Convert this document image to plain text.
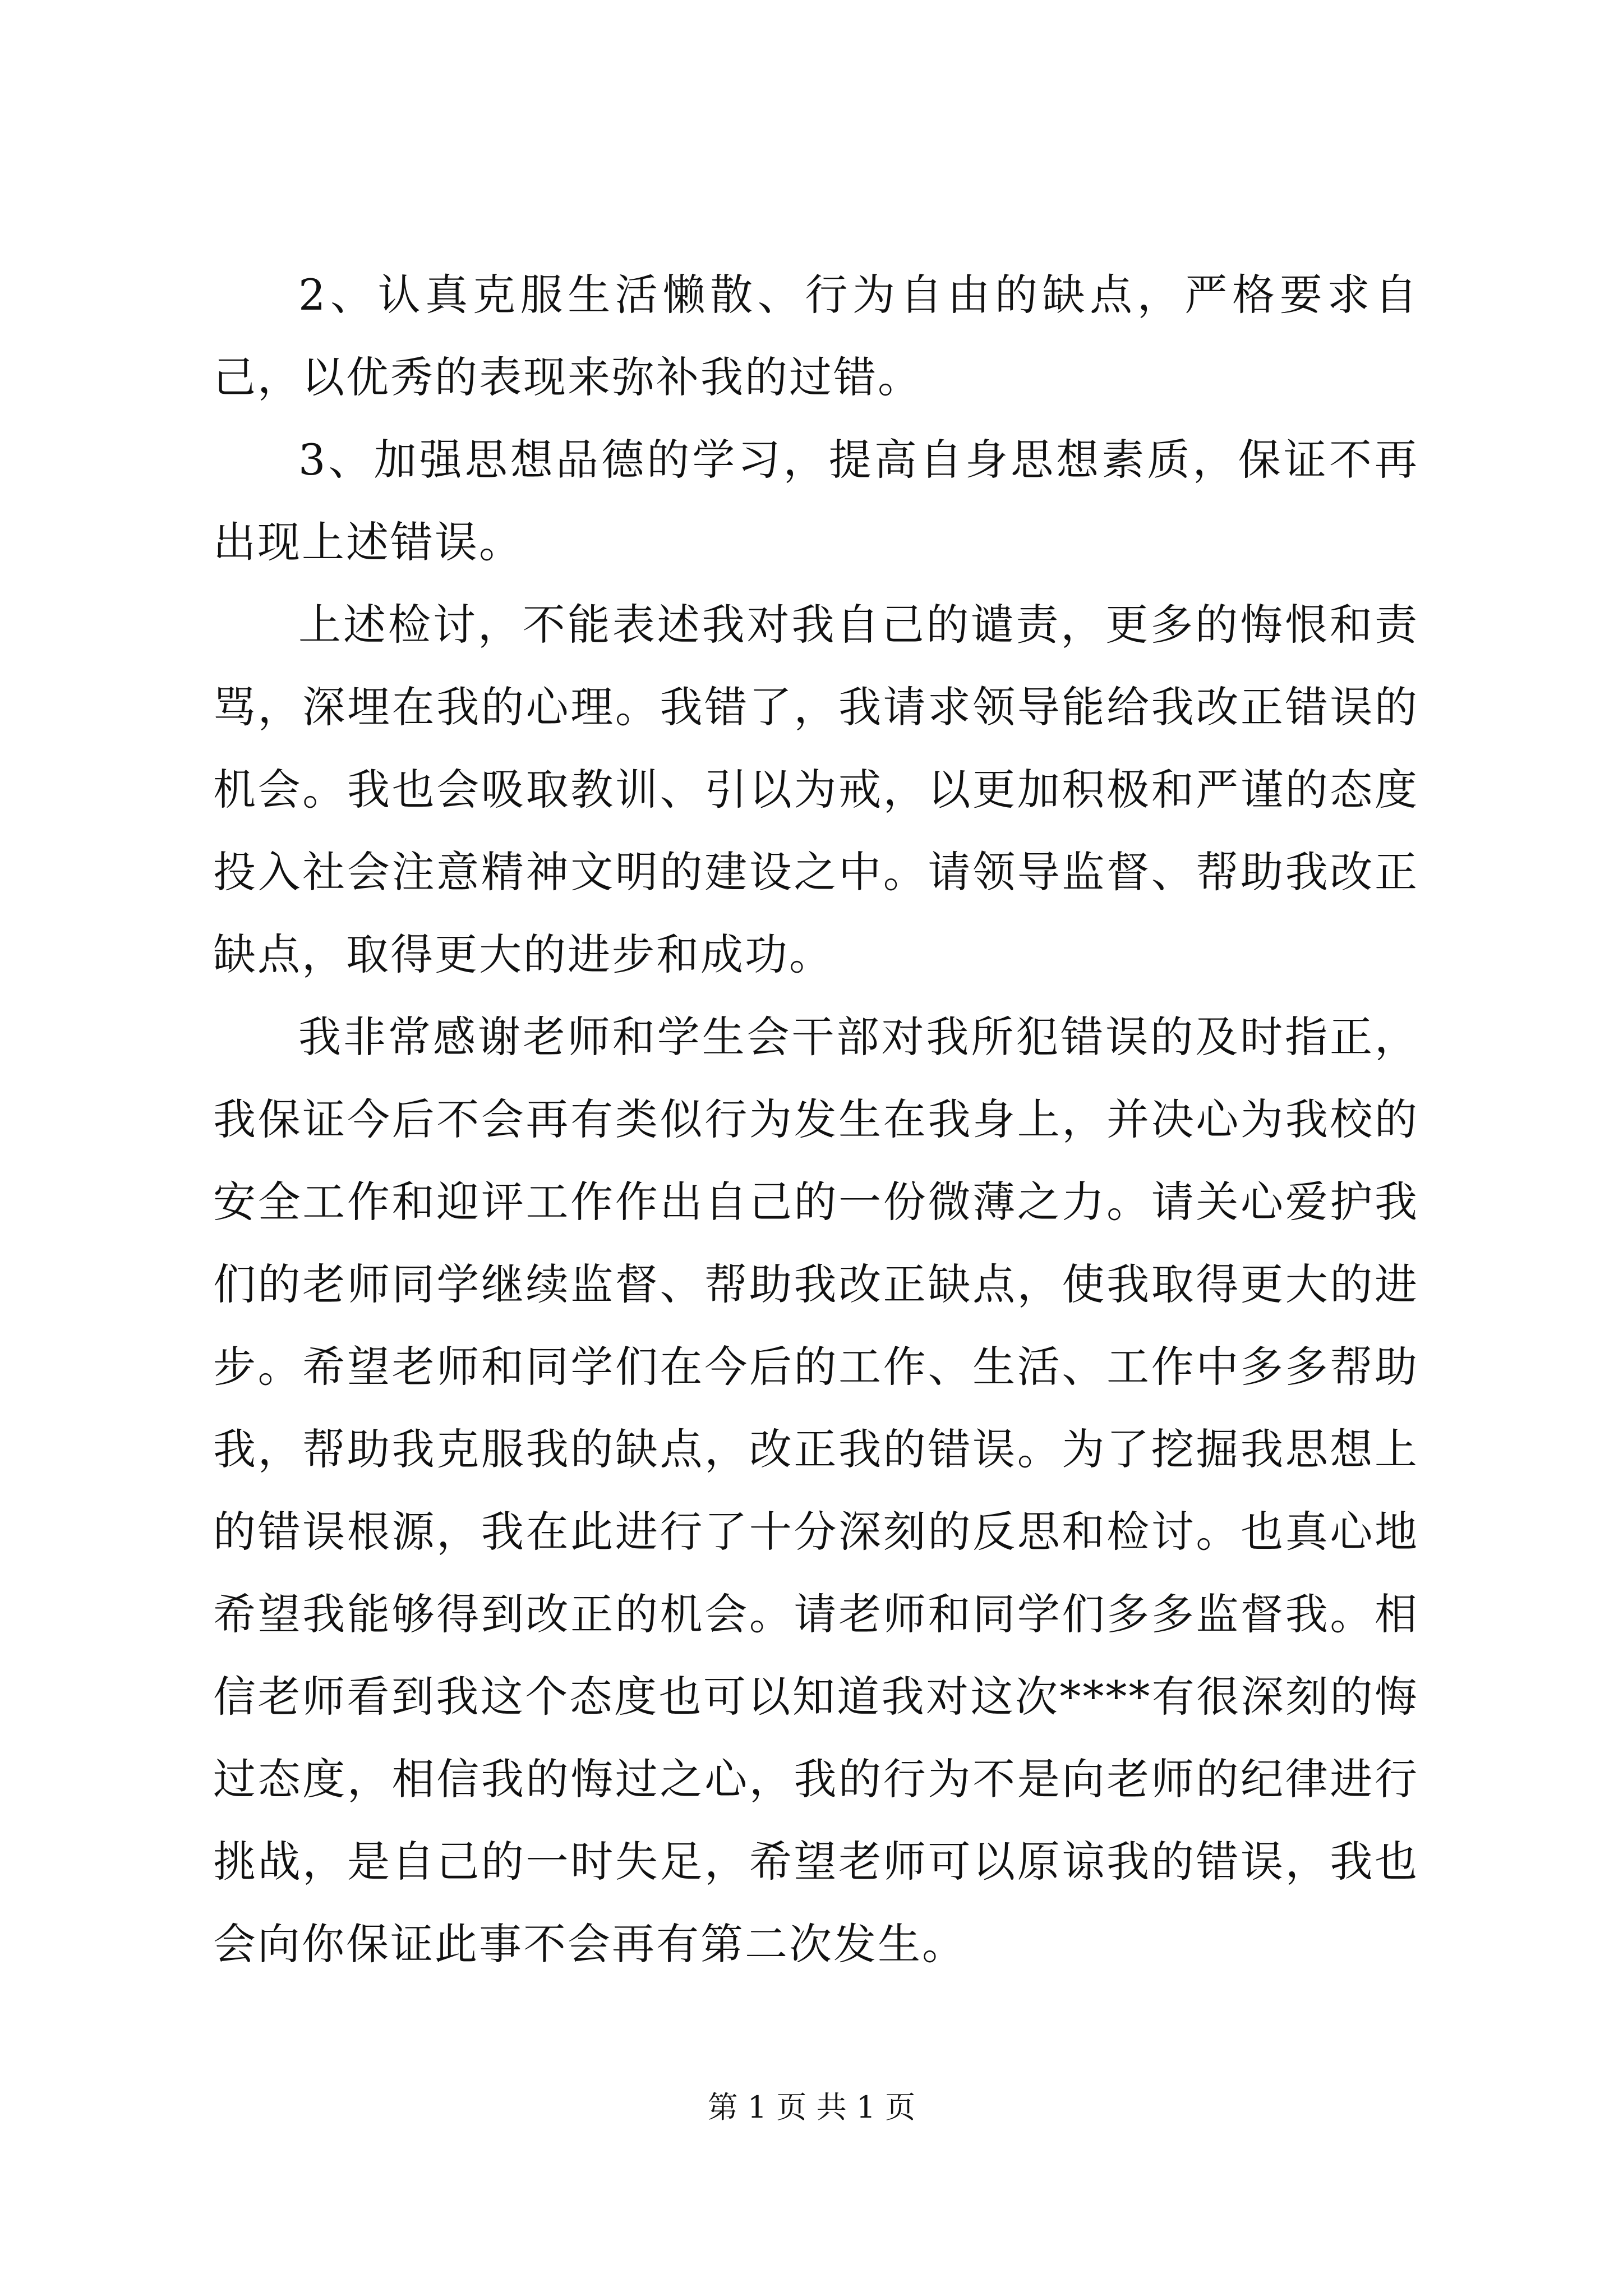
2、认真克服生活懒散、行为自由的缺点，严格要求自己，以优秀的表现来弥补我的过错。

3、加强思想品德的学习，提高自身思想素质，保证不再出现上述错误。

上述检讨，不能表述我对我自己的谴责，更多的悔恨和责骂，深埋在我的心理。我错了，我请求领导能给我改正错误的机会。我也会吸取教训、引以为戒，以更加积极和严谨的态度投入社会注意精神文明的建设之中。请领导监督、帮助我改正缺点，取得更大的进步和成功。

我非常感谢老师和学生会干部对我所犯错误的及时指正，我保证今后不会再有类似行为发生在我身上，并决心为我校的安全工作和迎评工作作出自己的一份微薄之力。请关心爱护我们的老师同学继续监督、帮助我改正缺点，使我取得更大的进步。希望老师和同学们在今后的工作、生活、工作中多多帮助我，帮助我克服我的缺点，改正我的错误。为了挖掘我思想上的错误根源，我在此进行了十分深刻的反思和检讨。也真心地希望我能够得到改正的机会。请老师和同学们多多监督我。相信老师看到我这个态度也可以知道我对这次****有很深刻的悔过态度，相信我的悔过之心，我的行为不是向老师的纪律进行挑战，是自己的一时失足，希望老师可以原谅我的错误，我也会向你保证此事不会再有第二次发生。

第 1 页 共 1 页
